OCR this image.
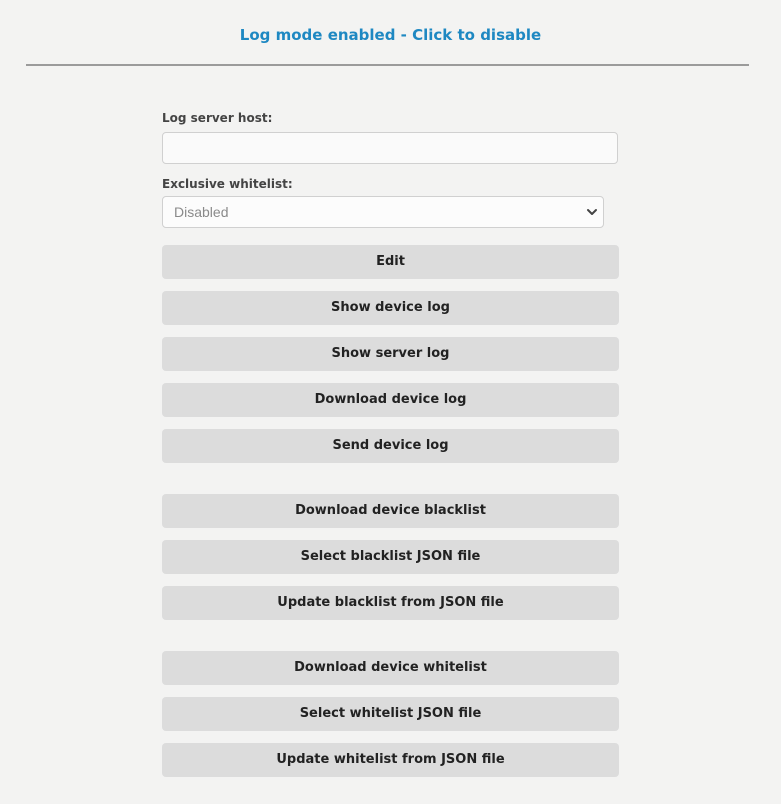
Log mode enabled - Click to disable
Log server host:
Exclusive whitelist:
Disabled
Edit
Show device log
Show server log
Download device log
Send device log
Download device blacklist
Select blacklist JSON file
Update blacklist from JSON file
Download device whitelist
Select whitelist JSON file
Update whitelist from JSON file
